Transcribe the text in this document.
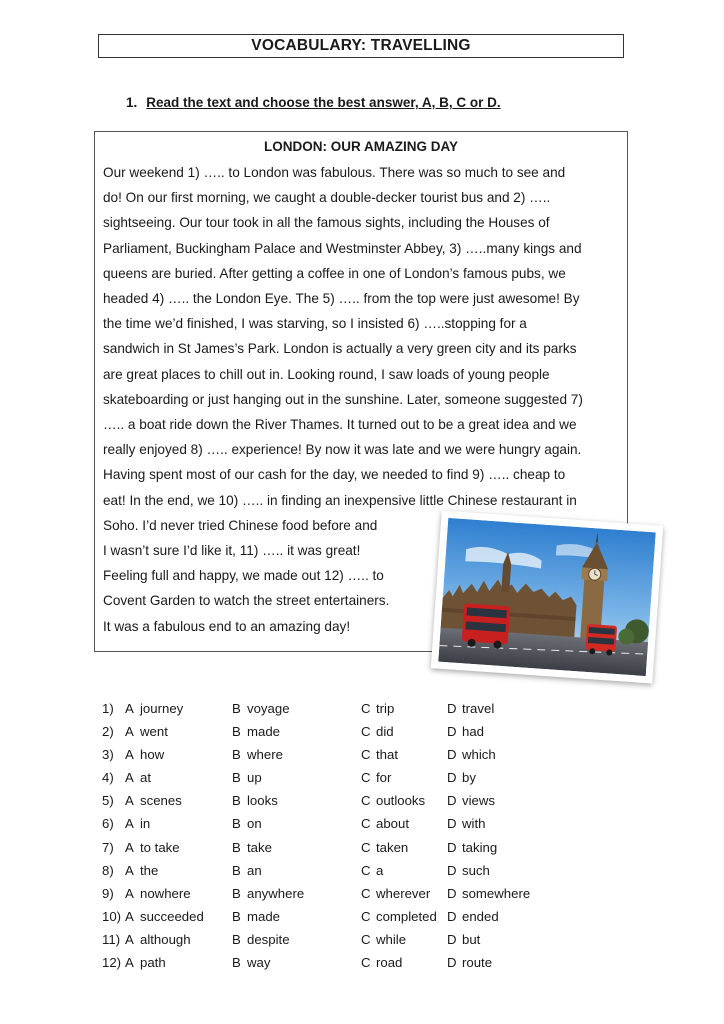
VOCABULARY: TRAVELLING
1. Read the text and choose the best answer, A, B, C or D.
LONDON: OUR AMAZING DAY
Our weekend 1) ….. to London was fabulous. There was so much to see and
do! On our first morning, we caught a double-decker tourist bus and 2) …..
sightseeing. Our tour took in all the famous sights, including the Houses of
Parliament, Buckingham Palace and Westminster Abbey, 3) …..many kings and
queens are buried. After getting a coffee in one of London’s famous pubs, we
headed 4) ….. the London Eye. The 5) ….. from the top were just awesome! By
the time we’d finished, I was starving, so I insisted 6) …..stopping for a
sandwich in St James’s Park. London is actually a very green city and its parks
are great places to chill out in. Looking round, I saw loads of young people
skateboarding or just hanging out in the sunshine. Later, someone suggested 7)
….. a boat ride down the River Thames. It turned out to be a great idea and we
really enjoyed 8) ….. experience! By now it was late and we were hungry again.
Having spent most of our cash for the day, we needed to find 9) ….. cheap to
eat! In the end, we 10) ….. in finding an inexpensive little Chinese restaurant in
Soho. I’d never tried Chinese food before and
I wasn’t sure I’d like it, 11) ….. it was great!
Feeling full and happy, we made out 12) ….. to
Covent Garden to watch the street entertainers.
It was a fabulous end to an amazing day!
1) A journey	B voyage	C trip	D travel
2) A went	B made	C did	D had
3) A how	B where	C that	D which
4) A at	B up	C for	D by
5) A scenes	B looks	C outlooks D views
6) A in	B on	C about	D with
7) A to take	B take	C taken	D taking
8) A the	B an	C a	D such
9) A nowhere	B anywhere	C wherever D somewhere
10) A succeeded B made	C completed D ended
11) A although	B despite	C while	D but
12) A path	B way	C road	D route
